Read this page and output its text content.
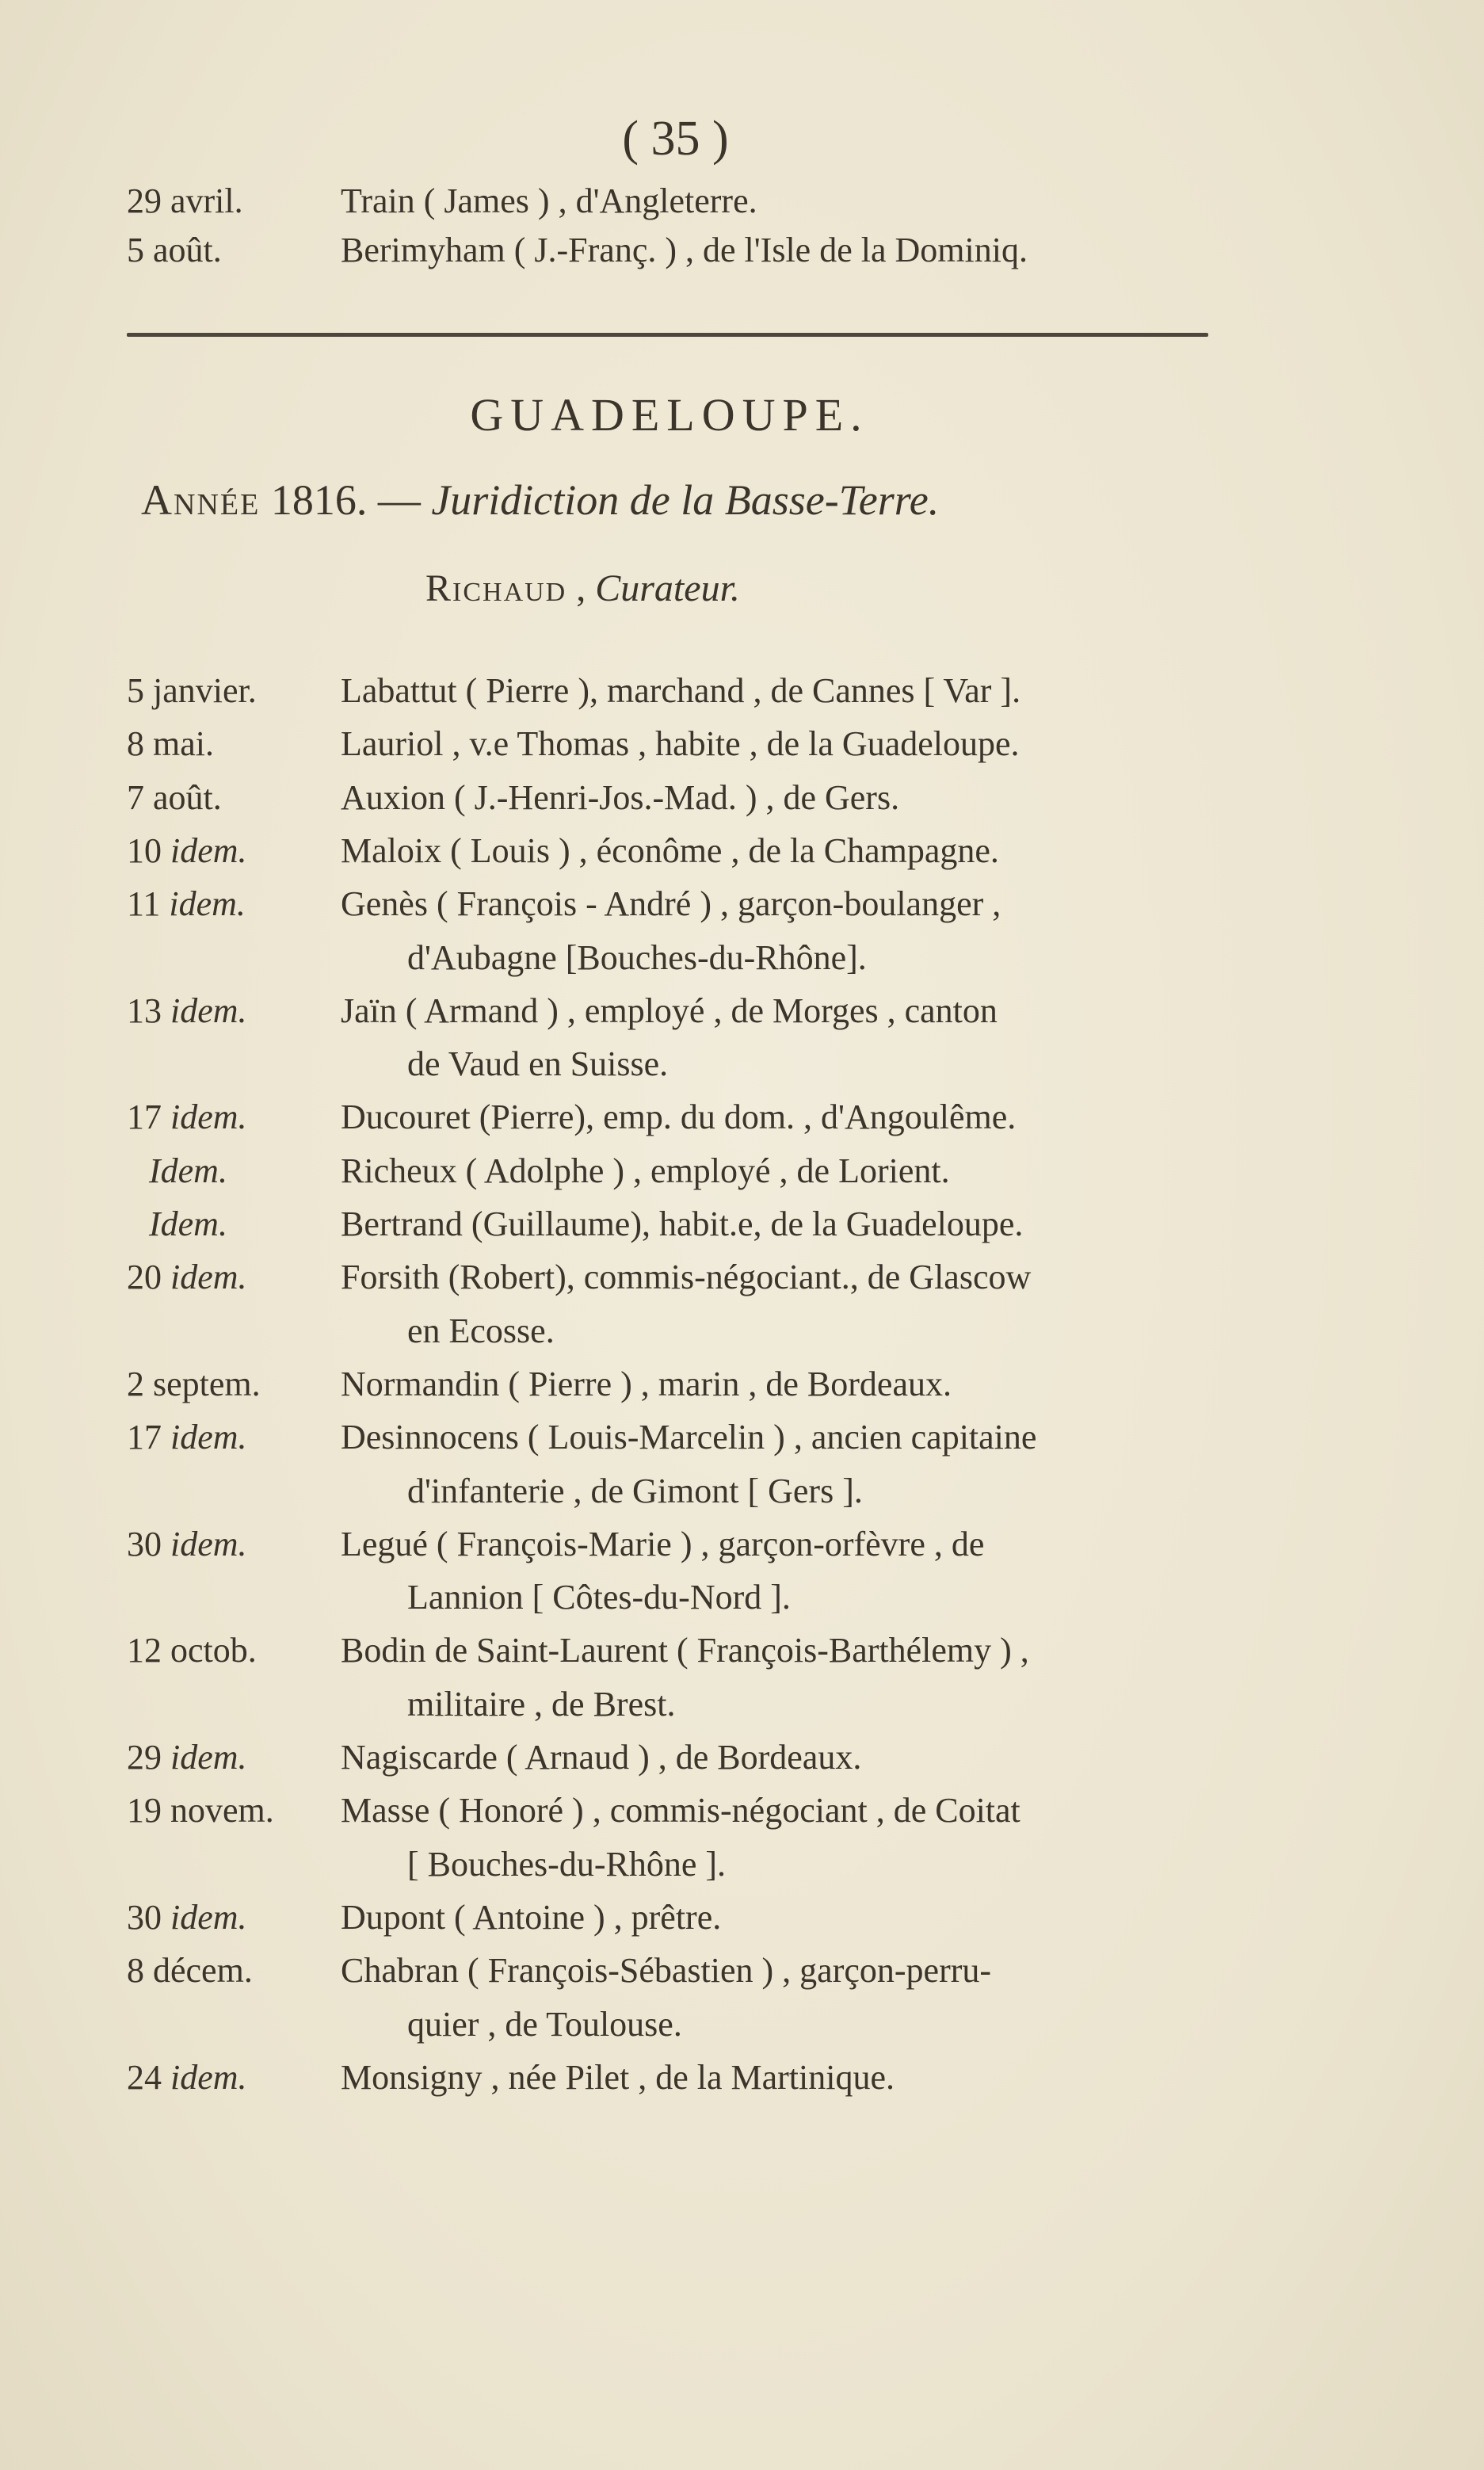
( 35 )
29 avril.	Train ( James ) , d'Angleterre.
5 août.	Berimyham ( J.-Franç. ) , de l'Isle de la Dominiq.
GUADELOUPE.
Année 1816. — Juridiction de la Basse-Terre.
Richaud , Curateur.
5 janvier.	Labattut ( Pierre ), marchand , de Cannes [ Var ].
8 mai.	Lauriol , v.e Thomas , habite , de la Guadeloupe.
7 août.	Auxion ( J.-Henri-Jos.-Mad. ) , de Gers.
10 idem.	Maloix ( Louis ) , éconôme , de la Champagne.
11 idem.	Genès ( François - André ) , garçon-boulanger ,
d'Aubagne [Bouches-du-Rhône].
13 idem.	Jaïn ( Armand ) , employé , de Morges , canton
de Vaud en Suisse.
17 idem.	Ducouret (Pierre), emp. du dom. , d'Angoulême.
Idem.	Richeux ( Adolphe ) , employé , de Lorient.
Idem.	Bertrand (Guillaume), habit.e, de la Guadeloupe.
20 idem.	Forsith (Robert), commis-négociant., de Glascow
en Ecosse.
2 septem.	Normandin ( Pierre ) , marin , de Bordeaux.
17 idem.	Desinnocens ( Louis-Marcelin ) , ancien capitaine
d'infanterie , de Gimont [ Gers ].
30 idem.	Legué ( François-Marie ) , garçon-orfèvre , de
Lannion [ Côtes-du-Nord ].
12 octob.	Bodin de Saint-Laurent ( François-Barthélemy ) ,
militaire , de Brest.
29 idem.	Nagiscarde ( Arnaud ) , de Bordeaux.
19 novem.	Masse ( Honoré ) , commis-négociant , de Coitat
[ Bouches-du-Rhône ].
30 idem.	Dupont ( Antoine ) , prêtre.
8 décem.	Chabran ( François-Sébastien ) , garçon-perru-
quier , de Toulouse.
24 idem.	Monsigny , née Pilet , de la Martinique.
